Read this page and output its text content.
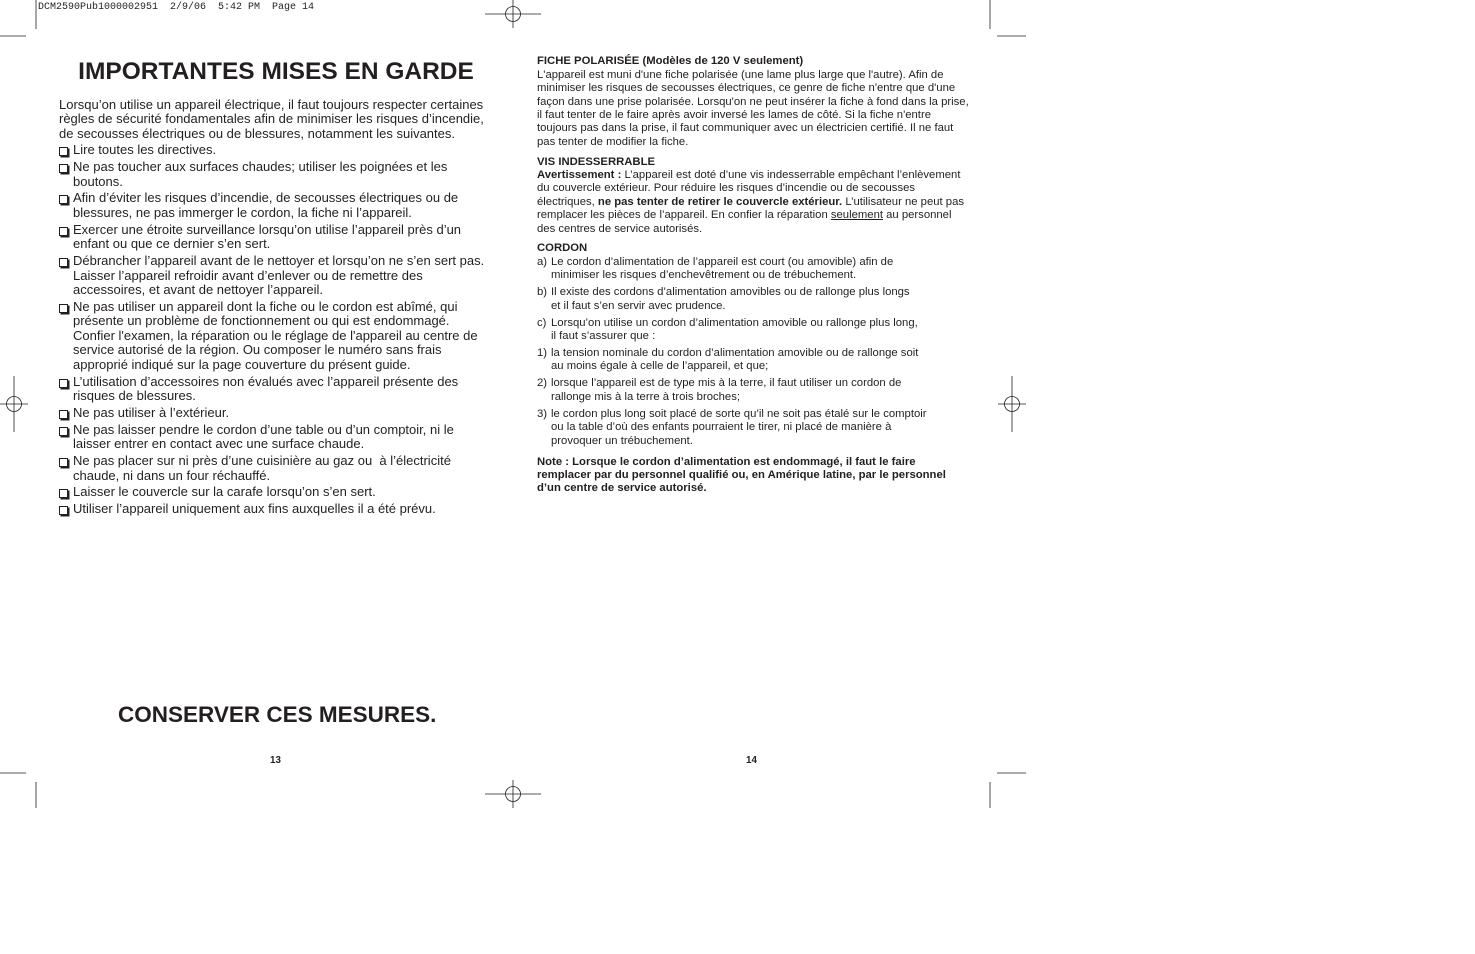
DCM2590Pub1000002951  2/9/06  5:42 PM  Page 14
IMPORTANTES MISES EN GARDE
Lorsqu’on utilise un appareil électrique, il faut toujours respecter certaines
règles de sécurité fondamentales afin de minimiser les risques d’incendie,
de secousses électriques ou de blessures, notamment les suivantes.
Lire toutes les directives.
Ne pas toucher aux surfaces chaudes; utiliser les poignées et les
boutons.
Afin d’éviter les risques d’incendie, de secousses électriques ou de
blessures, ne pas immerger le cordon, la fiche ni l’appareil.
Exercer une étroite surveillance lorsqu’on utilise l’appareil près d’un
enfant ou que ce dernier s’en sert.
Débrancher l’appareil avant de le nettoyer et lorsqu’on ne s’en sert pas.
Laisser l’appareil refroidir avant d’enlever ou de remettre des
accessoires, et avant de nettoyer l’appareil.
Ne pas utiliser un appareil dont la fiche ou le cordon est abîmé, qui
présente un problème de fonctionnement ou qui est endommagé.
Confier l'examen, la réparation ou le réglage de l'appareil au centre de
service autorisé de la région. Ou composer le numéro sans frais
approprié indiqué sur la page couverture du présent guide.
L’utilisation d’accessoires non évalués avec l’appareil présente des
risques de blessures.
Ne pas utiliser à l’extérieur.
Ne pas laisser pendre le cordon d’une table ou d’un comptoir, ni le
laisser entrer en contact avec une surface chaude.
Ne pas placer sur ni près d’une cuisinière au gaz ou  à l’électricité
chaude, ni dans un four réchauffé.
Laisser le couvercle sur la carafe lorsqu’on s’en sert.
Utiliser l’appareil uniquement aux fins auxquelles il a été prévu.
CONSERVER CES MESURES.
13
FICHE POLARISÉE (Modèles de 120 V seulement)
L'appareil est muni d'une fiche polarisée (une lame plus large que l'autre). Afin de
minimiser les risques de secousses électriques, ce genre de fiche n'entre que d'une
façon dans une prise polarisée. Lorsqu'on ne peut insérer la fiche à fond dans la prise,
il faut tenter de le faire après avoir inversé les lames de côté. Si la fiche n'entre
toujours pas dans la prise, il faut communiquer avec un électricien certifié. Il ne faut
pas tenter de modifier la fiche.
VIS INDESSERRABLE
Avertissement : L’appareil est doté d’une vis indesserrable empêchant l’enlèvement
du couvercle extérieur. Pour réduire les risques d’incendie ou de secousses
électriques, ne pas tenter de retirer le couvercle extérieur. L’utilisateur ne peut pas
remplacer les pièces de l’appareil. En confier la réparation seulement au personnel
des centres de service autorisés.
CORDON
a) Le cordon d’alimentation de l’appareil est court (ou amovible) afin de
minimiser les risques d’enchevêtrement ou de trébuchement.
b) Il existe des cordons d’alimentation amovibles ou de rallonge plus longs
et il faut s’en servir avec prudence.
c) Lorsqu’on utilise un cordon d’alimentation amovible ou rallonge plus long,
il faut s’assurer que :
1) la tension nominale du cordon d’alimentation amovible ou de rallonge soit
au moins égale à celle de l’appareil, et que;
2) lorsque l’appareil est de type mis à la terre, il faut utiliser un cordon de
rallonge mis à la terre à trois broches;
3) le cordon plus long soit placé de sorte qu’il ne soit pas étalé sur le comptoir
ou la table d’où des enfants pourraient le tirer, ni placé de manière à
provoquer un trébuchement.
Note : Lorsque le cordon d’alimentation est endommagé, il faut le faire
remplacer par du personnel qualifié ou, en Amérique latine, par le personnel
d’un centre de service autorisé.
14
